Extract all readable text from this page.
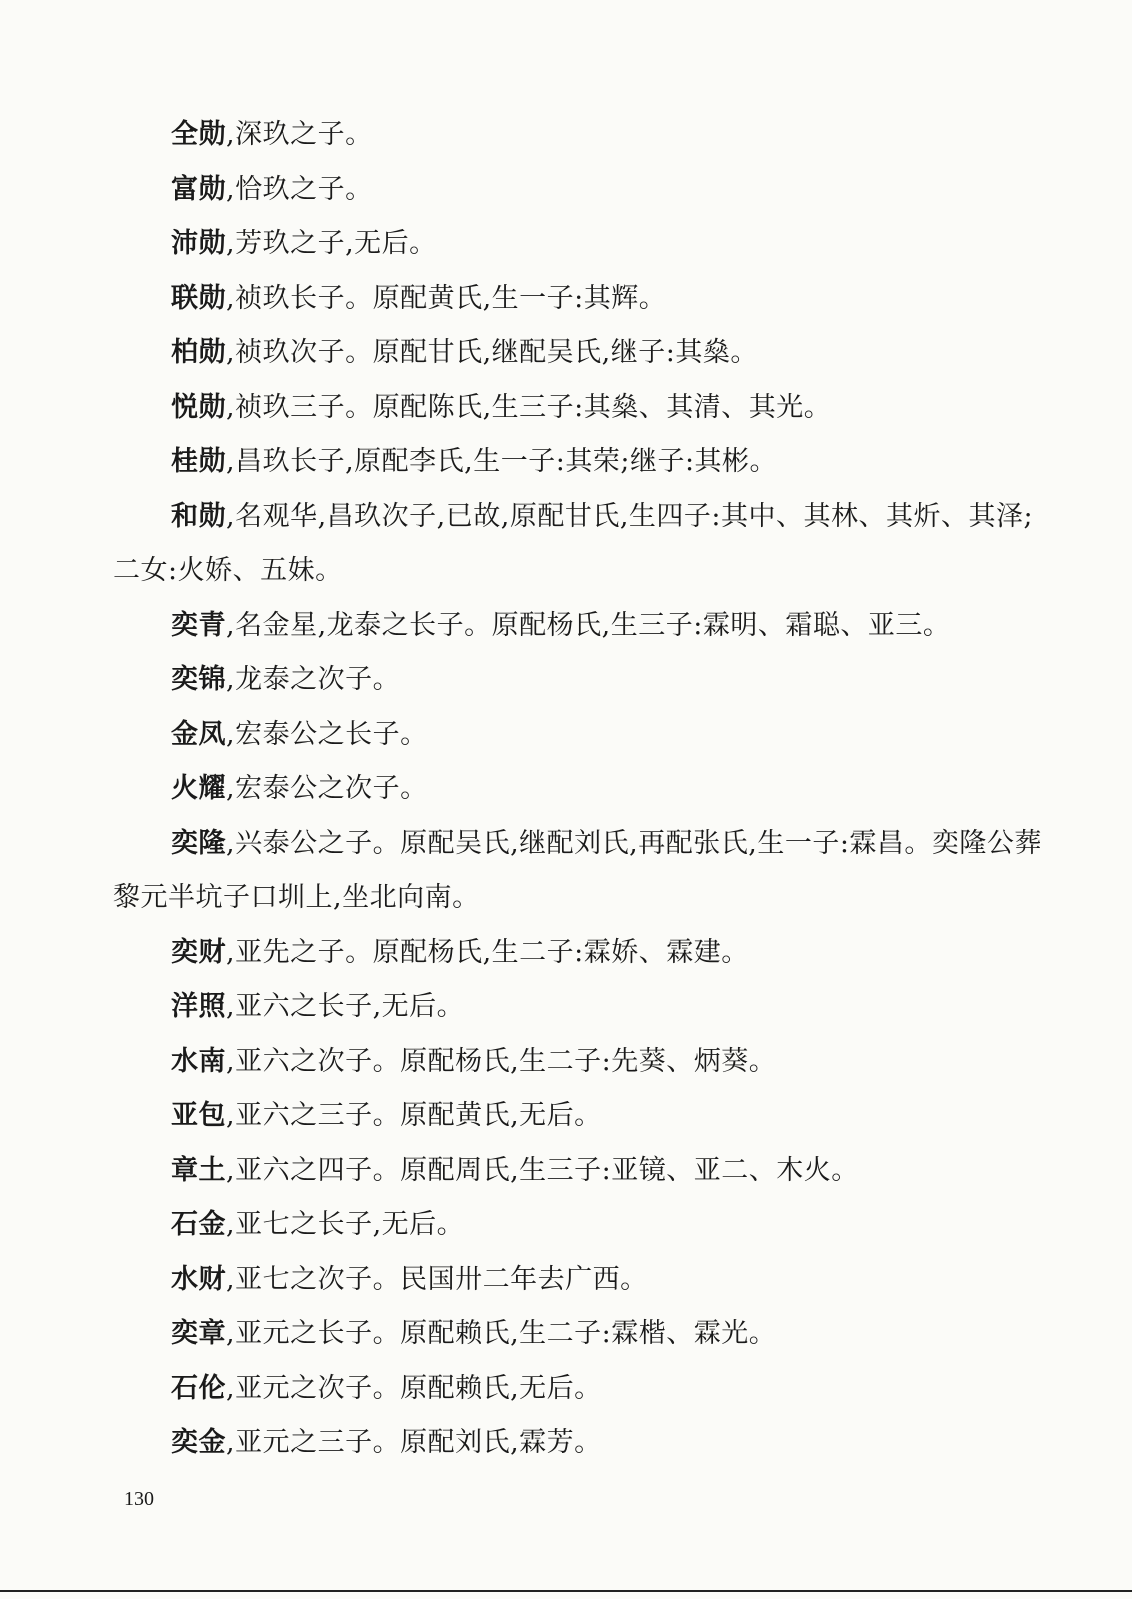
全勋,深玖之子。

富勋,恰玖之子。

沛勋,芳玖之子,无后。

联勋,祯玖长子。原配黄氏,生一子:其辉。

柏勋,祯玖次子。原配甘氏,继配吴氏,继子:其燊。

悦勋,祯玖三子。原配陈氏,生三子:其燊、其清、其光。

桂勋,昌玖长子,原配李氏,生一子:其荣;继子:其彬。

和勋,名观华,昌玖次子,已故,原配甘氏,生四子:其中、其林、其炘、其泽;二女:火娇、五妹。

奕青,名金星,龙泰之长子。原配杨氏,生三子:霖明、霜聪、亚三。

奕锦,龙泰之次子。

金凤,宏泰公之长子。

火耀,宏泰公之次子。

奕隆,兴泰公之子。原配吴氏,继配刘氏,再配张氏,生一子:霖昌。奕隆公葬黎元半坑子口圳上,坐北向南。

奕财,亚先之子。原配杨氏,生二子:霖娇、霖建。

洋照,亚六之长子,无后。

水南,亚六之次子。原配杨氏,生二子:先葵、炳葵。

亚包,亚六之三子。原配黄氏,无后。

章土,亚六之四子。原配周氏,生三子:亚镜、亚二、木火。

石金,亚七之长子,无后。

水财,亚七之次子。民国卅二年去广西。

奕章,亚元之长子。原配赖氏,生二子:霖楷、霖光。

石伦,亚元之次子。原配赖氏,无后。

奕金,亚元之三子。原配刘氏,霖芳。

130
